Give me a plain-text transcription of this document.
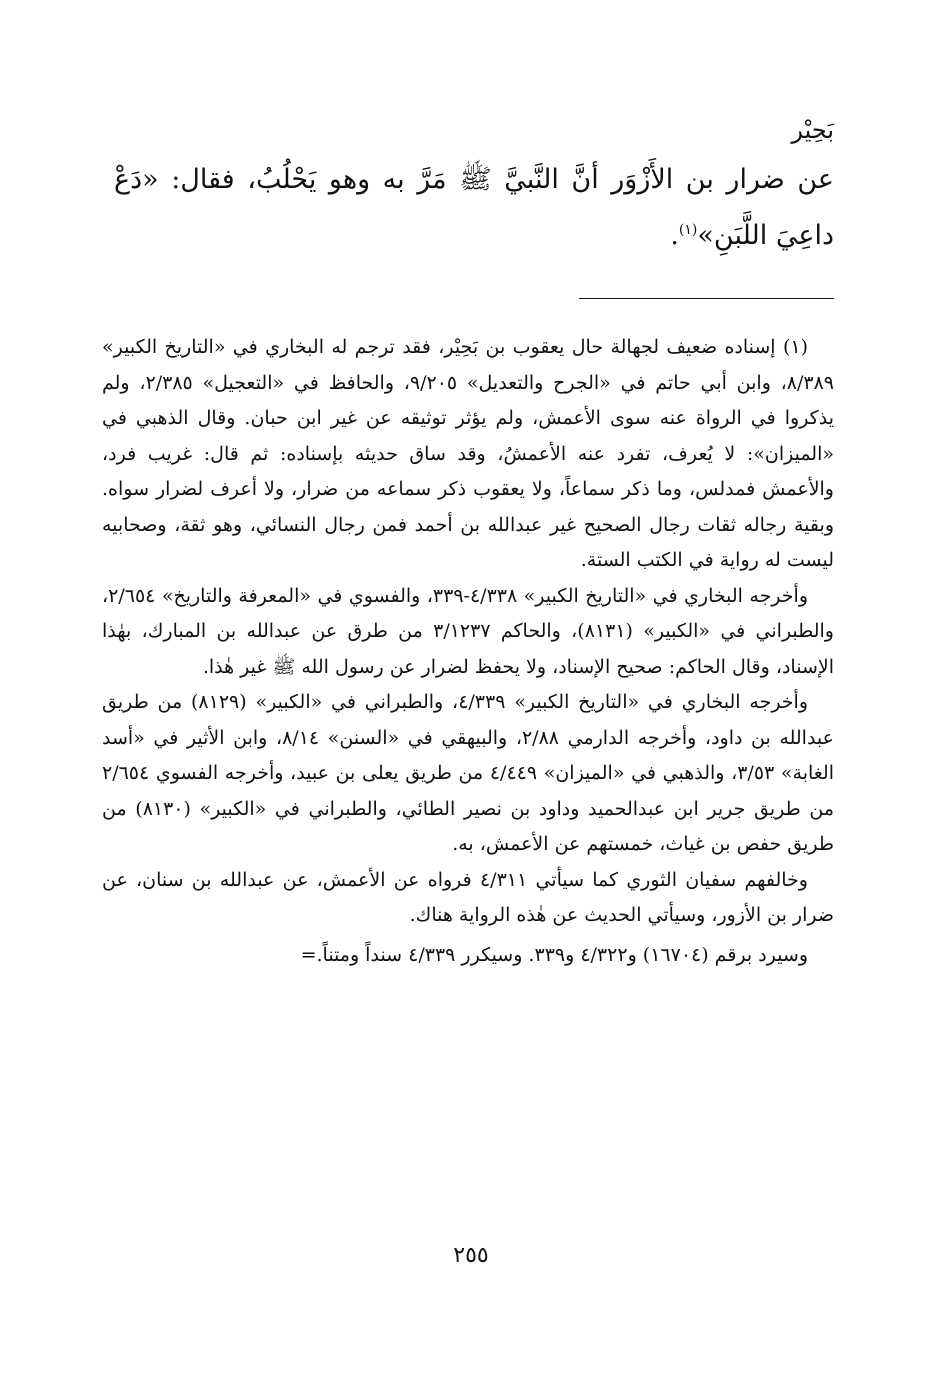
بَحِيْر

عن ضرار بن الأَزْوَر أنَّ النَّبيَّ ﷺ مَرَّ به وهو يَحْلُبُ، فقال: «دَعْ داعِيَ اللَّبَنِ»$^{(١)}$.

(١) إسناده ضعيف لجهالة حال يعقوب بن بَحِيْر، فقد ترجم له البخاري في «التاريخ الكبير» ٨/٣٨٩، وابن أبي حاتم في «الجرح والتعديل» ٩/٢٠٥، والحافظ في «التعجيل» ٢/٣٨٥، ولم يذكروا في الرواة عنه سوى الأعمش، ولم يؤثر توثيقه عن غير ابن حبان. وقال الذهبي في «الميزان»: لا يُعرف، تفرد عنه الأعمشُ، وقد ساق حديثه بإسناده: ثم قال: غريب فرد، والأعمش فمدلس، وما ذكر سماعاً، ولا يعقوب ذكر سماعه من ضرار، ولا أعرف لضرار سواه. وبقية رجاله ثقات رجال الصحيح غير عبدالله بن أحمد فمن رجال النسائي، وهو ثقة، وصحابيه ليست له رواية في الكتب الستة.

وأخرجه البخاري في «التاريخ الكبير» ٤/٣٣٨-٣٣٩، والفسوي في «المعرفة والتاريخ» ٢/٦٥٤، والطبراني في «الكبير» (٨١٣١)، والحاكم ٣/١٢٣٧ من طرق عن عبدالله بن المبارك، بهٰذا الإسناد، وقال الحاكم: صحيح الإسناد، ولا يحفظ لضرار عن رسول الله ﷺ غير هٰذا.

وأخرجه البخاري في «التاريخ الكبير» ٤/٣٣٩، والطبراني في «الكبير» (٨١٢٩) من طريق عبدالله بن داود، وأخرجه الدارمي ٢/٨٨، والبيهقي في «السنن» ٨/١٤، وابن الأثير في «أسد الغابة» ٣/٥٣، والذهبي في «الميزان» ٤/٤٤٩ من طريق يعلى بن عبيد، وأخرجه الفسوي ٢/٦٥٤ من طريق جرير ابن عبدالحميد وداود بن نصير الطائي، والطبراني في «الكبير» (٨١٣٠) من طريق حفص بن غياث، خمستهم عن الأعمش، به.

وخالفهم سفيان الثوري كما سيأتي ٤/٣١١ فرواه عن الأعمش، عن عبدالله بن سنان، عن ضرار بن الأزور، وسيأتي الحديث عن هٰذه الرواية هناك.

وسيرد برقم (١٦٧٠٤) و٤/٣٢٢ و٣٣٩. وسيكرر ٤/٣٣٩ سنداً ومتناً.=

٢٥٥
